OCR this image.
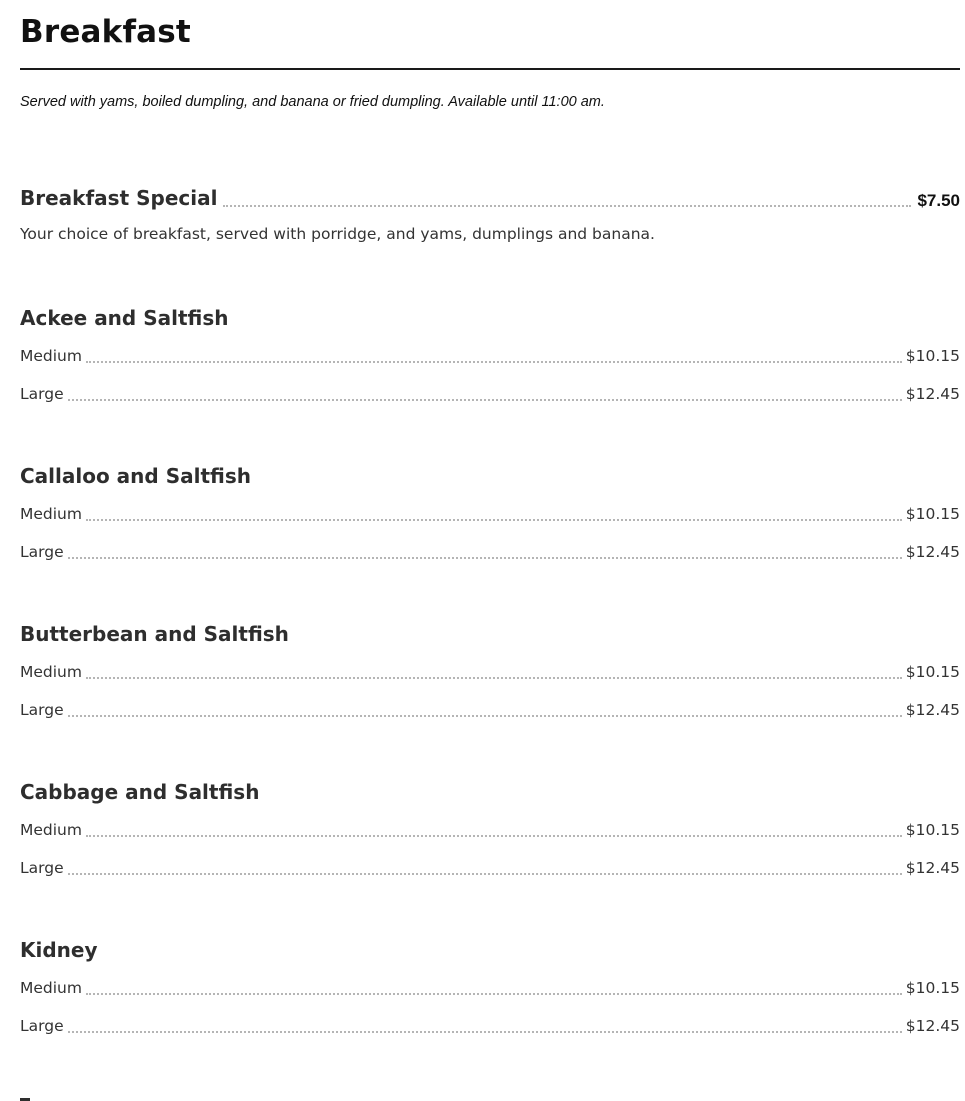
Breakfast
Served with yams, boiled dumpling, and banana or fried dumpling. Available until 11:00 am.
Breakfast Special	$7.50
Your choice of breakfast, served with porridge, and yams, dumplings and banana.
Ackee and Saltfish
Medium	$10.15
Large	$12.45
Callaloo and Saltfish
Medium	$10.15
Large	$12.45
Butterbean and Saltfish
Medium	$10.15
Large	$12.45
Cabbage and Saltfish
Medium	$10.15
Large	$12.45
Kidney
Medium	$10.15
Large	$12.45
